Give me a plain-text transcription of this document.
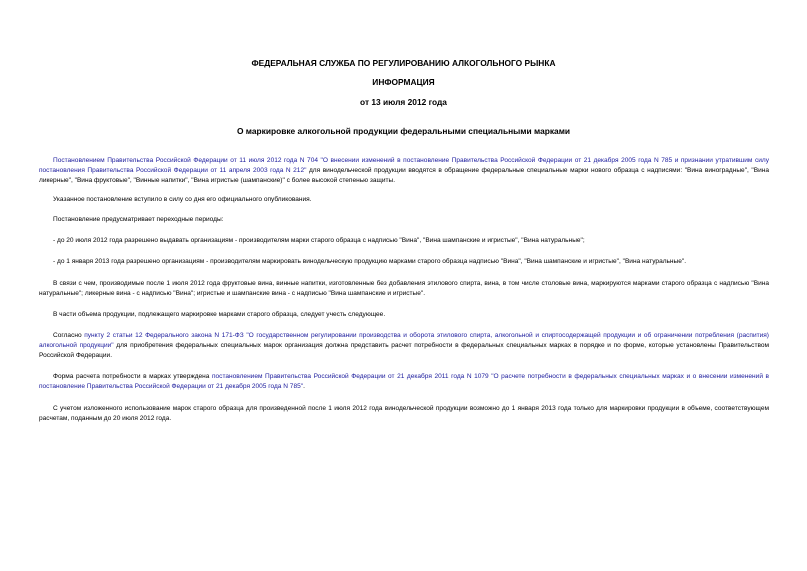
ФЕДЕРАЛЬНАЯ СЛУЖБА ПО РЕГУЛИРОВАНИЮ АЛКОГОЛЬНОГО РЫНКА
ИНФОРМАЦИЯ
от 13 июля 2012 года
О маркировке алкогольной продукции федеральными специальными марками
Постановлением Правительства Российской Федерации от 11 июля 2012 года N 704 "О внесении изменений в постановление Правительства Российской Федерации от 21 декабря 2005 года N 785 и признании утратившим силу постановления Правительства Российской Федерации от 11 апреля 2003 года N 212" для винодельческой продукции вводятся в обращение федеральные специальные марки нового образца с надписями: "Вина виноградные", "Вина ликерные", "Вина фруктовые", "Винные напитки", "Вина игристые (шампанские)" с более высокой степенью защиты.
Указанное постановление вступило в силу со дня его официального опубликования.
Постановление предусматривает переходные периоды:
- до 20 июля 2012 года разрешено выдавать организациям - производителям марки старого образца с надписью "Вина", "Вина шампанские и игристые", "Вина натуральные";
- до 1 января 2013 года разрешено организациям - производителям маркировать винодельческую продукцию марками старого образца надписью "Вина", "Вина шампанские и игристые", "Вина натуральные".
В связи с чем, производимые после 1 июля 2012 года фруктовые вина, винные напитки, изготовленные без добавления этилового спирта, вина, в том числе столовые вина, маркируются марками старого образца с надписью "Вина натуральные"; ликерные вина - с надписью "Вина"; игристые и шампанские вина - с надписью "Вина шампанские и игристые".
В части объема продукции, подлежащего маркировке марками старого образца, следует учесть следующее.
Согласно пункту 2 статьи 12 Федерального закона N 171-ФЗ "О государственном регулировании производства и оборота этилового спирта, алкогольной и спиртосодержащей продукции и об ограничении потребления (распития) алкогольной продукции" для приобретения федеральных специальных марок организация должна представить расчет потребности в федеральных специальных марках в порядке и по форме, которые установлены Правительством Российской Федерации.
Форма расчета потребности в марках утверждена постановлением Правительства Российской Федерации от 21 декабря 2011 года N 1079 "О расчете потребности в федеральных специальных марках и о внесении изменений в постановление Правительства Российской Федерации от 21 декабря 2005 года N 785".
С учетом изложенного использование марок старого образца для произведенной после 1 июля 2012 года винодельческой продукции возможно до 1 января 2013 года только для маркировки продукции в объеме, соответствующем расчетам, поданным до 20 июля 2012 года.
